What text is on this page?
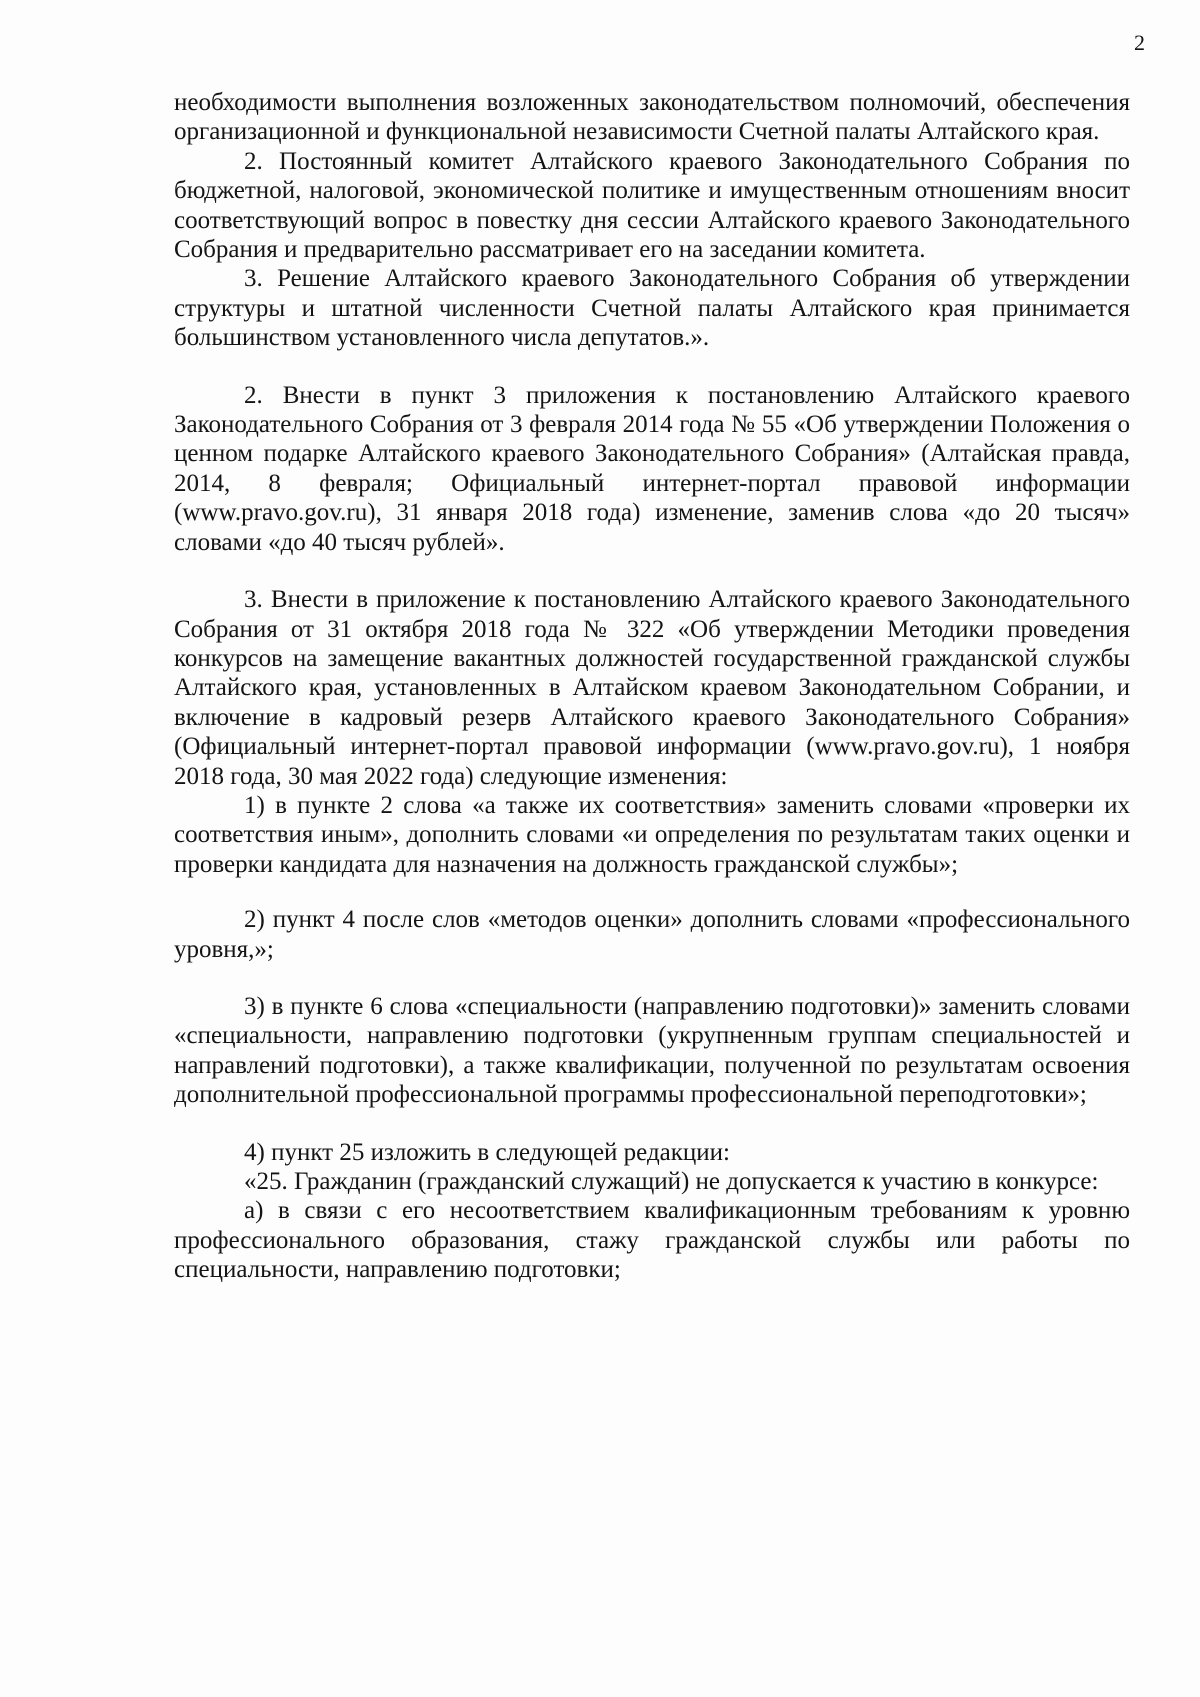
2

необходимости выполнения возложенных законодательством полномочий, обеспечения организационной и функциональной независимости Счетной палаты Алтайского края.

2. Постоянный комитет Алтайского краевого Законодательного Собрания по бюджетной, налоговой, экономической политике и имущественным отношениям вносит соответствующий вопрос в повестку дня сессии Алтайского краевого Законодательного Собрания и предварительно рассматривает его на заседании комитета.

3. Решение Алтайского краевого Законодательного Собрания об утверждении структуры и штатной численности Счетной палаты Алтайского края принимается большинством установленного числа депутатов.».

2. Внести в пункт 3 приложения к постановлению Алтайского краевого Законодательного Собрания от 3 февраля 2014 года № 55 «Об утверждении Положения о ценном подарке Алтайского краевого Законодательного Собрания» (Алтайская правда, 2014, 8 февраля; Официальный интернет-портал правовой информации (www.pravo.gov.ru), 31 января 2018 года) изменение, заменив слова «до 20 тысяч» словами «до 40 тысяч рублей».

3. Внести в приложение к постановлению Алтайского краевого Законодательного Собрания от 31 октября 2018 года № 322 «Об утверждении Методики проведения конкурсов на замещение вакантных должностей государственной гражданской службы Алтайского края, установленных в Алтайском краевом Законодательном Собрании, и включение в кадровый резерв Алтайского краевого Законодательного Собрания» (Официальный интернет-портал правовой информации (www.pravo.gov.ru), 1 ноября 2018 года, 30 мая 2022 года) следующие изменения:

1) в пункте 2 слова «а также их соответствия» заменить словами «проверки их соответствия иным», дополнить словами «и определения по результатам таких оценки и проверки кандидата для назначения на должность гражданской службы»;

2) пункт 4 после слов «методов оценки» дополнить словами «профессионального уровня,»;

3) в пункте 6 слова «специальности (направлению подготовки)» заменить словами «специальности, направлению подготовки (укрупненным группам специальностей и направлений подготовки), а также квалификации, полученной по результатам освоения дополнительной профессиональной программы профессиональной переподготовки»;

4) пункт 25 изложить в следующей редакции:

«25. Гражданин (гражданский служащий) не допускается к участию в конкурсе:

а) в связи с его несоответствием квалификационным требованиям к уровню профессионального образования, стажу гражданской службы или работы по специальности, направлению подготовки;
